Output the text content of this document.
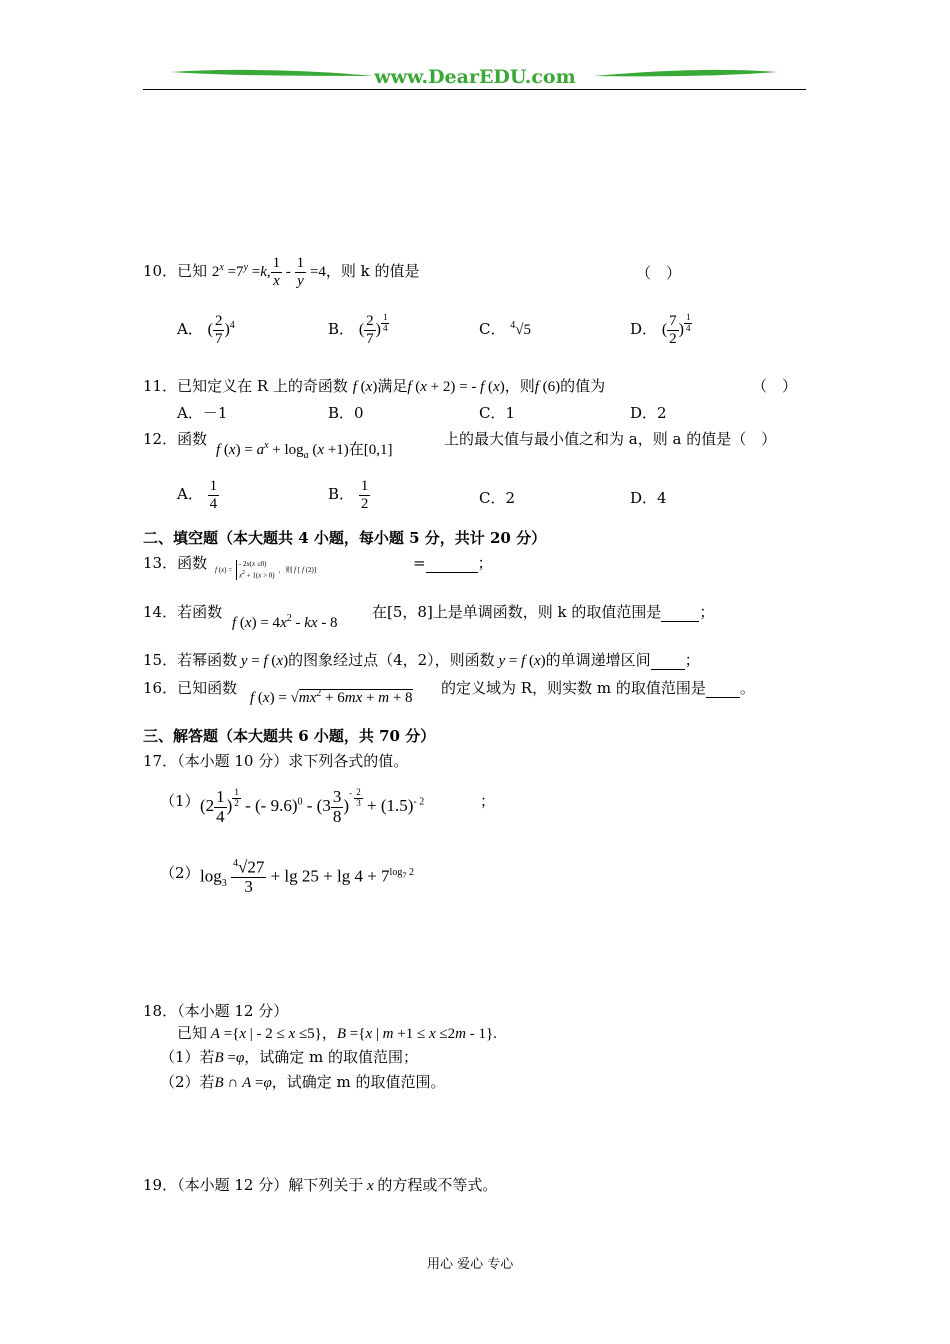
www.DearEDU.com
10．已知 $2^x =7^y =k$, $\frac{1}{x} - \frac{1}{y} =4$，则 k 的值是	（　）
A． ( $\frac{2}{7} )^4$	B． ( $\frac{2}{7}$ ) $\frac{1}{4}$	C． $^4$√5	D． ( $\frac{7}{2}$ ) $\frac{1}{4}$
11．已知定义在 R 上的奇函数 f (x)满足f (x + 2) = - f (x)，则f (6)的值为	（　）
A．－1	B．0	C．1	D．2
12．函数
f $(x) = a^x + \log_a (x +1)$在[0,1]
上的最大值与最小值之和为 a，则 a 的值是（　）
A． $\frac{1}{4}$	B． $\frac{1}{2}$	C．2	D．4
二、填空题（本大题共 4 小题，每小题 5 分，共计 20 分）
13．函数 f (x) =
- 2x(x ≤0)
$x^2 + 1(x > 0)$
，则 f [ f (2)]	=	；
14．若函数
f $(x) = 4x^2$ - kx - 8
在[5，8]上是单调函数，则 k 的取值范围是	；
15．若幂函数 y = f (x)的图象经过点（4，2），则函数 y = f (x)的单调递增区间 ；
16．已知函数
f $(x) = √mx^2 + 6mx + m + 8$
的定义域为 R，则实数 m 的取值范围是 。
三、解答题（本大题共 6 小题，共 70 分）
17．（本小题 10 分）求下列各式的值。
（1） ($2 \frac{1}{4}$ ) $\frac{1}{2}$ - (- $9.6)^0 - (3 \frac{3}{8} )^- \frac{2}{3} + (1.5)^{- 2}$	；
（2） $\log_3 \frac{^4√27}{3} + \lg 25 + \lg 4 + 7^{log_7 2}$
18．（本小题 12 分）
已知 A ={x | - 2 ≤ x ≤5}，B ={x | m +1 ≤ x ≤2m - 1}.
（1）若B =φ，试确定 m 的取值范围；
（2）若B ∩ A =φ，试确定 m 的取值范围。
19．（本小题 12 分）解下列关于 x 的方程或不等式。
用心 爱心 专心
